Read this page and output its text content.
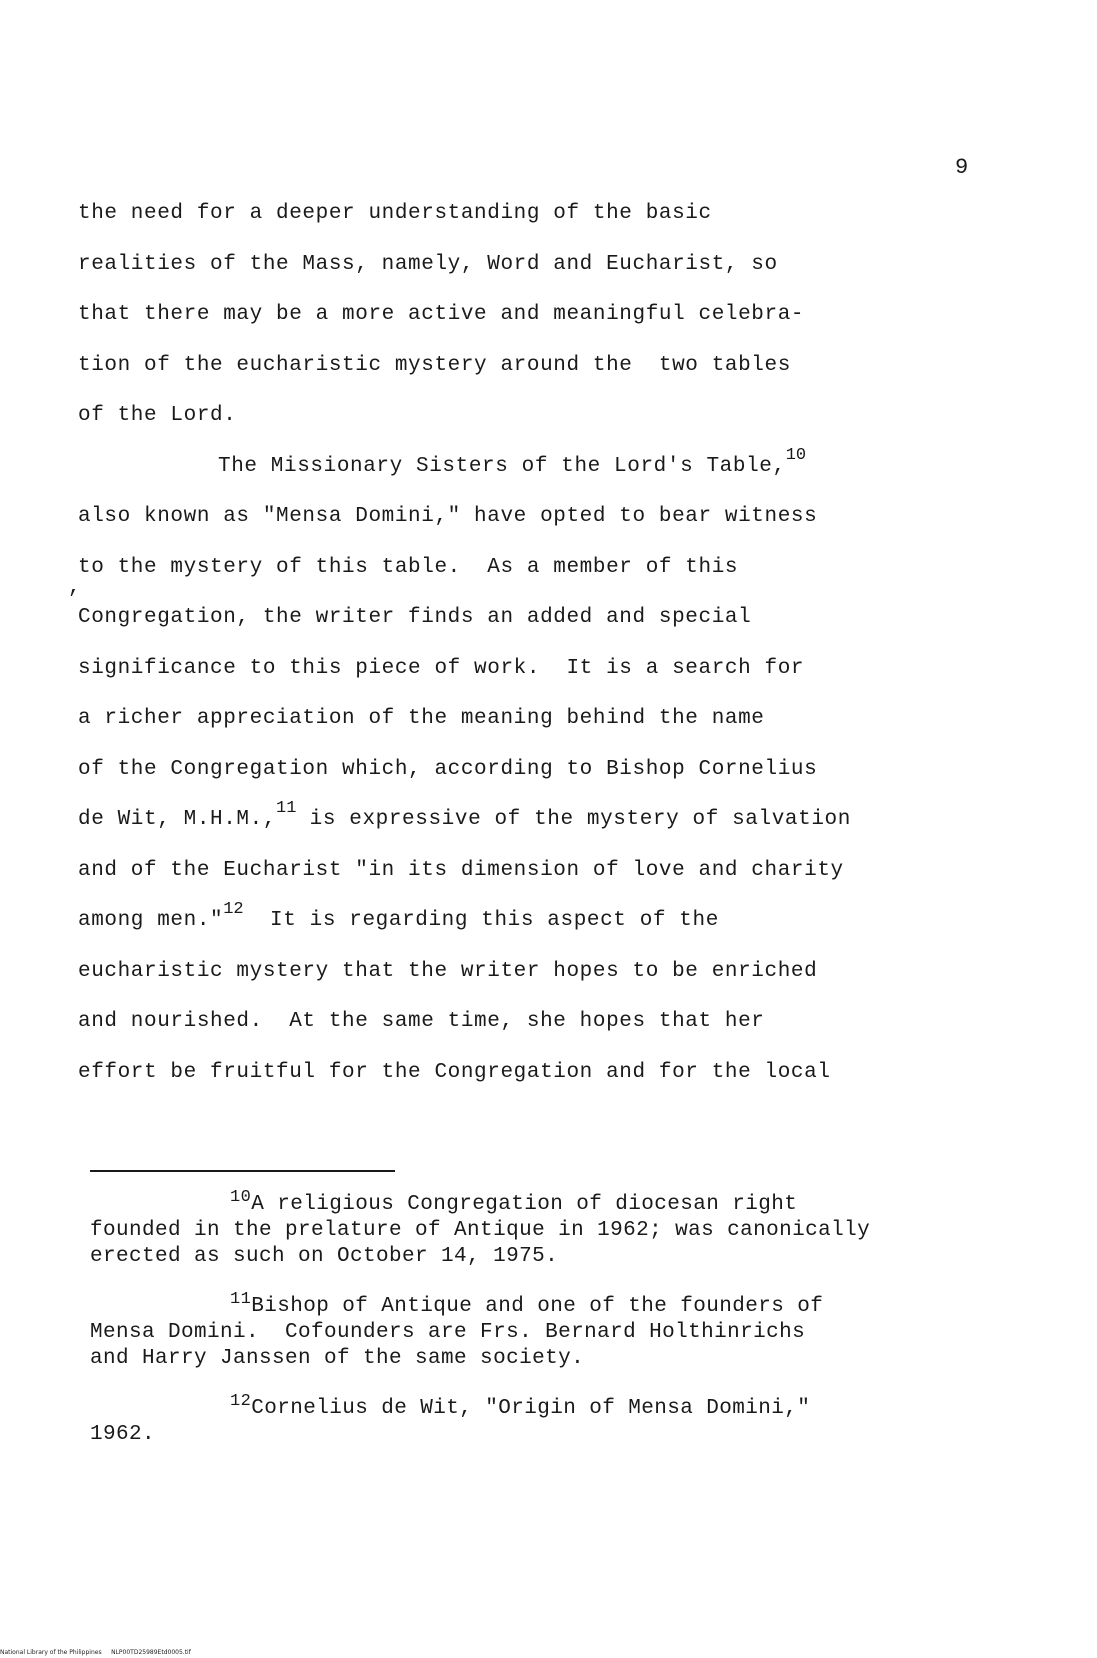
9
,
the need for a deeper understanding of the basic
realities of the Mass, namely, Word and Eucharist, so
that there may be a more active and meaningful celebra-
tion of the eucharistic mystery around the  two tables
of the Lord.
The Missionary Sisters of the Lord's Table,$^{10}$
also known as "Mensa Domini," have opted to bear witness
to the mystery of this table.  As a member of this
Congregation, the writer finds an added and special
significance to this piece of work.  It is a search for
a richer appreciation of the meaning behind the name
of the Congregation which, according to Bishop Cornelius
de Wit, M.H.M.,$^{11}$ is expressive of the mystery of salvation
and of the Eucharist "in its dimension of love and charity
among men."$^{12}$  It is regarding this aspect of the
eucharistic mystery that the writer hopes to be enriched
and nourished.  At the same time, she hopes that her
effort be fruitful for the Congregation and for the local
$^{10}$A religious Congregation of diocesan right
founded in the prelature of Antique in 1962; was canonically
erected as such on October 14, 1975.
$^{11}$Bishop of Antique and one of the founders of
Mensa Domini.  Cofounders are Frs. Bernard Holthinrichs
and Harry Janssen of the same society.
$^{12}$Cornelius de Wit, "Origin of Mensa Domini,"
1962.
National Library of the Philippines     NLP00TD25989Etd0005.tif
